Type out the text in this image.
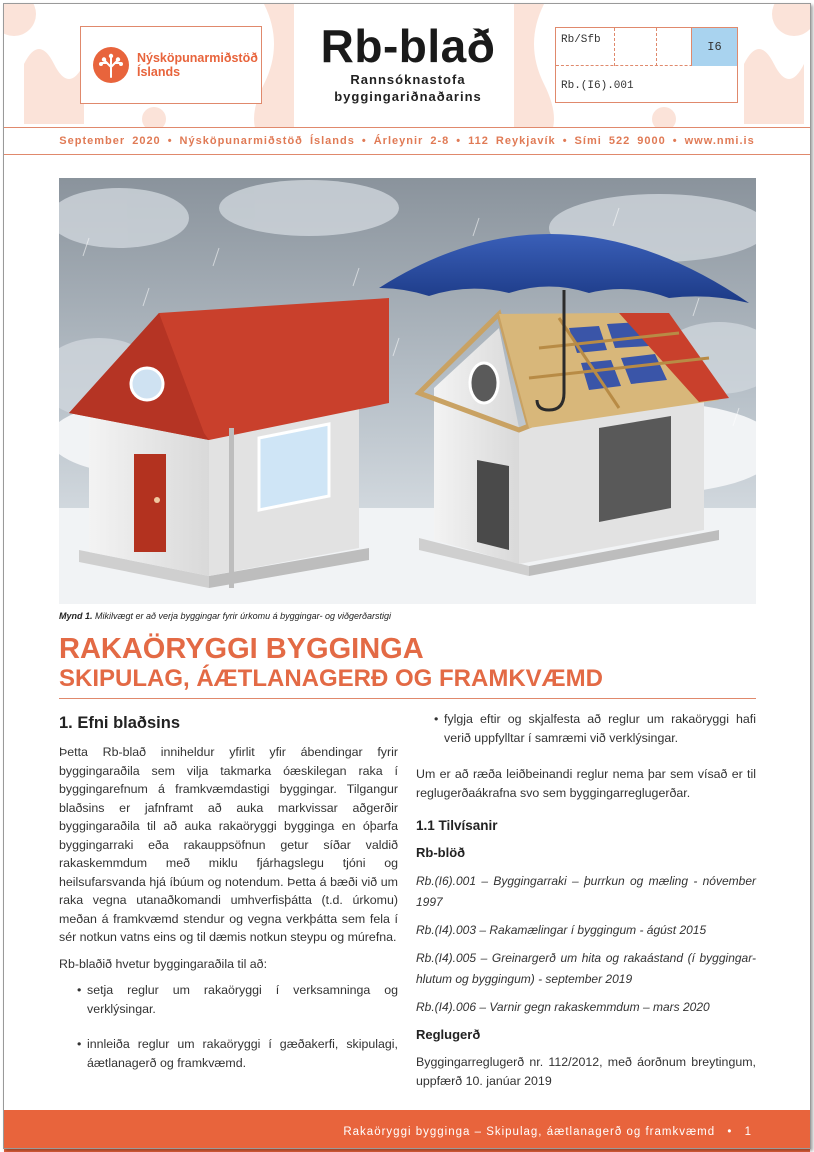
Nýsköpunarmiðstöð Íslands	Rb-blað
Rannsóknastofa
byggingariðnaðarins
Rb/Sfb	I6
Rb.(I6).001
September 2020 • Nýsköpunarmiðstöð Íslands • Árleynir 2-8 • 112 Reykjavík • Sími 522 9000 • www.nmi.is
Mynd 1. Mikilvægt er að verja byggingar fyrir úrkomu á byggingar- og viðgerðarstigi
RAKAÖRYGGI BYGGINGA
SKIPULAG, ÁÆTLANAGERÐ OG FRAMKVÆMD
1. Efni blaðsins
Þetta Rb-blað inniheldur yfirlit yfir ábendingar fyrir byggingaraðila sem vilja takmarka óæskilegan raka í byggingarefnum á framkvæmdastigi byggingar. Tilgangur blaðsins er jafnframt að auka markvissar aðgerðir byggingaraðila til að auka rakaöryggi bygginga en óþarfa byggingarraki eða rakauppsöfnun getur síðar valdið rakaskemmdum með miklu fjárhagslegu tjóni og heilsufarsvanda hjá íbúum og notendum. Þetta á bæði við um raka vegna utanaðkomandi umhverfisþátta (t.d. úrkomu) meðan á framkvæmd stendur og vegna verkþátta sem fela í sér notkun vatns eins og til dæmis notkun steypu og múrefna.
Rb-blaðið hvetur byggingaraðila til að:
• setja reglur um rakaöryggi í verksamninga og verklýsingar.
• innleiða reglur um rakaöryggi í gæðakerfi, skipulagi, áætlanagerð og framkvæmd.
• fylgja eftir og skjalfesta að reglur um rakaöryggi hafi verið uppfylltar í samræmi við verklýsingar.
Um er að ræða leiðbeinandi reglur nema þar sem vísað er til reglugerðaákrafna svo sem byggingarreglugerðar.
1.1 Tilvísanir
Rb-blöð
Rb.(I6).001 – Byggingarraki – þurrkun og mæling - nóvember 1997
Rb.(I4).003 – Rakamælingar í byggingum - ágúst 2015
Rb.(I4).005 – Greinargerð um hita og rakaástand (í byggingar-hlutum og byggingum) - september 2019
Rb.(I4).006 – Varnir gegn rakaskemmdum – mars 2020
Reglugerð
Byggingarreglugerð nr. 112/2012, með áorðnum breytingum, uppfærð 10. janúar 2019
Rakaöryggi bygginga – Skipulag, áætlanagerð og framkvæmd • 1
